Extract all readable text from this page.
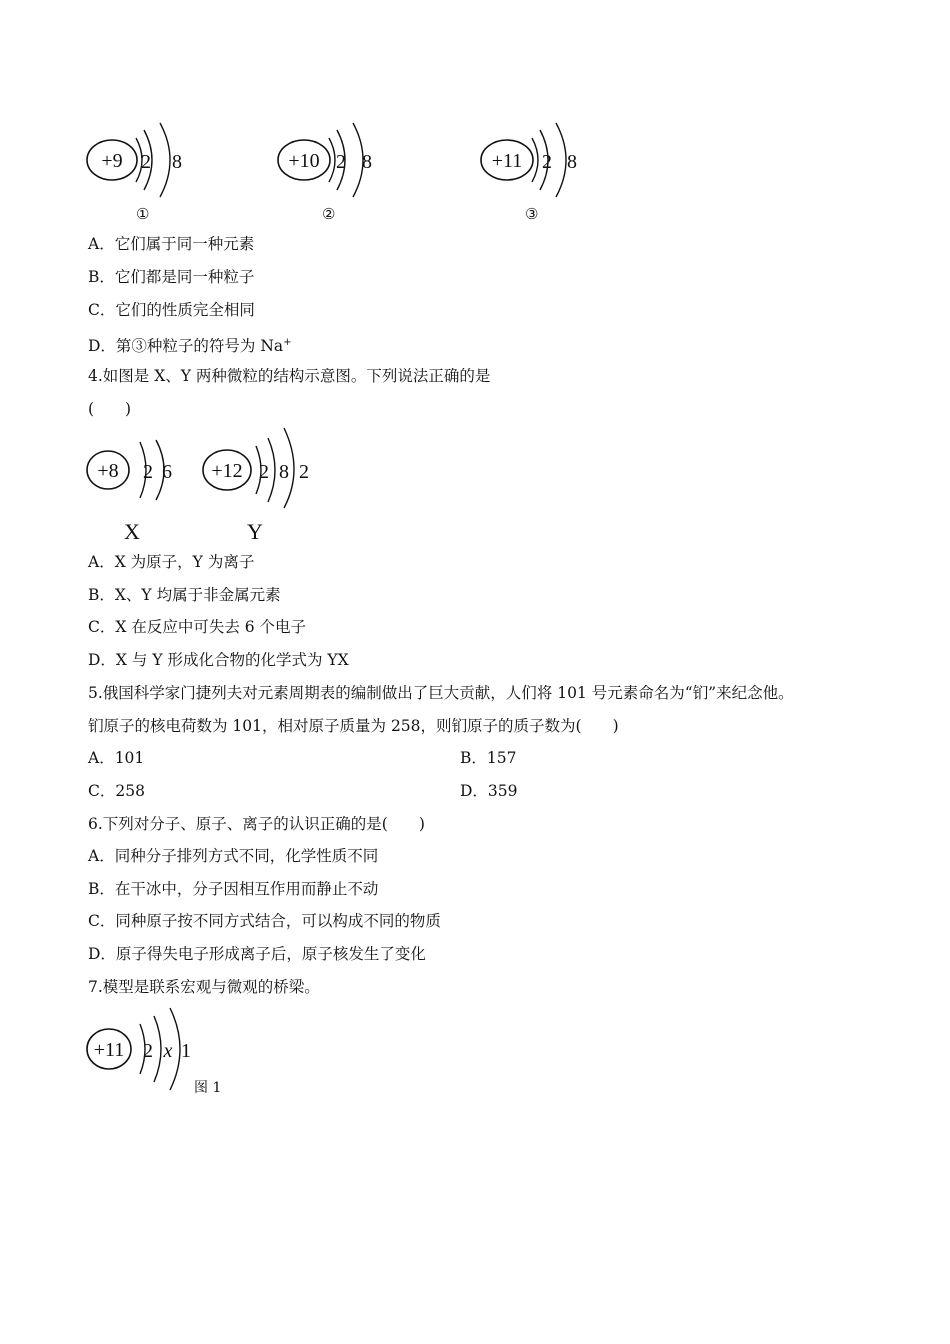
+9 2 8
①
+10 2 8
②
+11 2 8
③
A．它们属于同一种元素
B．它们都是同一种粒子
C．它们的性质完全相同
D．第③种粒子的符号为 Na+
4.如图是 X、Y 两种微粒的结构示意图。下列说法正确的是
(　　)
+8 2 6
X
+12 2 8 2
Y
A．X 为原子，Y 为离子
B．X、Y 均属于非金属元素
C．X 在反应中可失去 6 个电子
D．X 与 Y 形成化合物的化学式为 YX
5.俄国科学家门捷列夫对元素周期表的编制做出了巨大贡献，人们将 101 号元素命名为“钔”来纪念他。
钔原子的核电荷数为 101，相对原子质量为 258，则钔原子的质子数为(　　)
A．101	B．157
C．258	D．359
6.下列对分子、原子、离子的认识正确的是(　　)
A．同种分子排列方式不同，化学性质不同
B．在干冰中，分子因相互作用而静止不动
C．同种原子按不同方式结合，可以构成不同的物质
D．原子得失电子形成离子后，原子核发生了变化
7.模型是联系宏观与微观的桥梁。
+11 2 x 1
图 1
